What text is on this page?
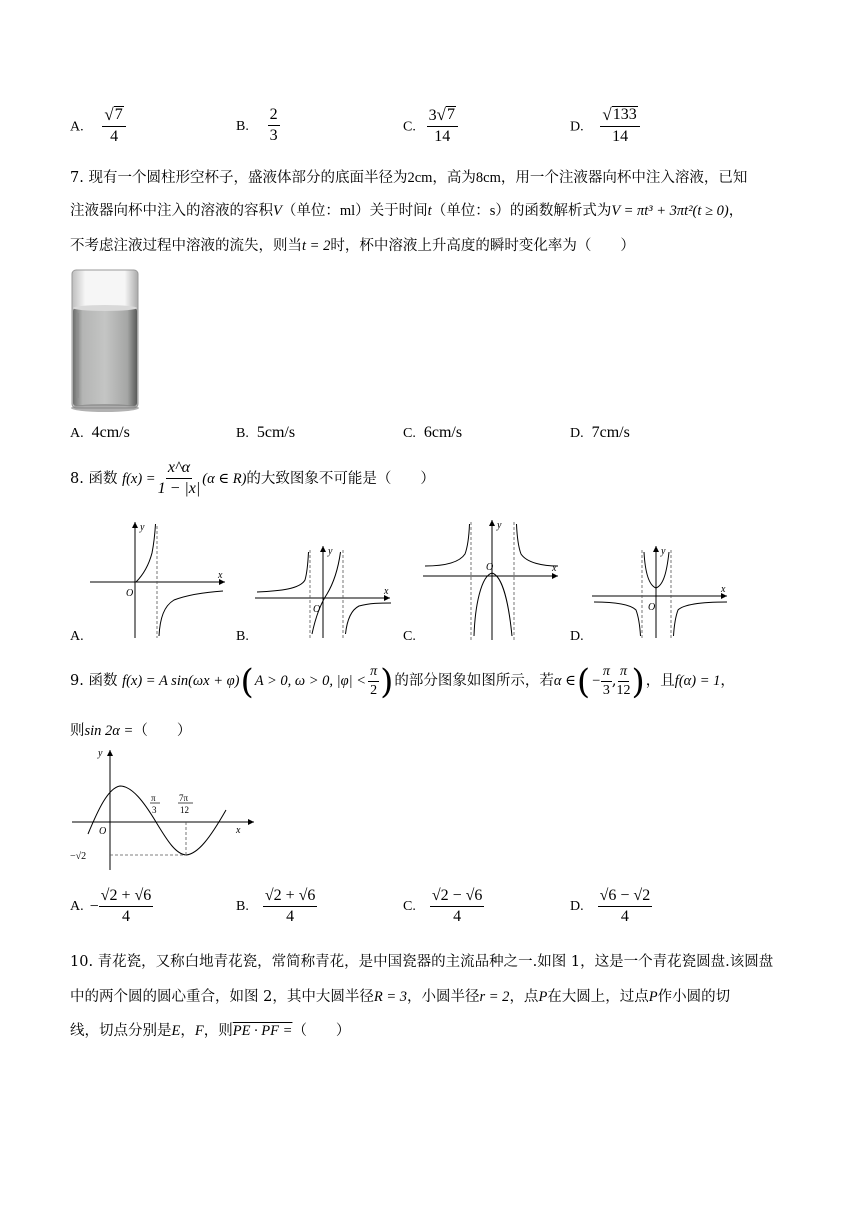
A. $\frac{√ 7}{4}$	B. $\frac{2}{3}$	C. $\frac{3 √ 7}{14}$	D. $\frac{√ 133}{14}$
7. 现有一个圆柱形空杯子，盛液体部分的底面半径为2cm，高为8cm，用一个注液器向杯中注入溶液，已知
注液器向杯中注入的溶液的容积V（单位：ml）关于时间t（单位：s）的函数解析式为V = πt³ + 3πt²(t ≥ 0)，
不考虑注液过程中溶液的流失，则当t = 2时，杯中溶液上升高度的瞬时变化率为（　　）
A. 4cm/s	B. 5cm/s	C. 6cm/s	D. 7cm/s
8.
函数
$f(x) = \frac{x\^{}\alpha}{1 - |x|} (\alpha$ ∈ R) 的大致图象不可能是（　　）
x
y
O
A.
x
y
O
B.
x
y
O
C.
x
y
O
D.
9.
函数
f(x) = A sin(ωx + φ) ( A > 0, ω > 0, $|\varphi| < \frac{\pi}{2}$ ) 的部分图象如图所示，若 α ∈ ( − $\frac{\pi}{3}$ , $\frac{\pi}{12}$ ) ，且 f(α) = 1 ，
则sin 2α =（　　）
y
x
O
π
3
7π
12
−√2
A. − $\frac{√2 + √6}{4}$	B. $\frac{√2 + √6}{4}$	C. $\frac{√2 - √6}{4}$	D. $\frac{√6 - √2}{4}$
10. 青花瓷，又称白地青花瓷，常简称青花，是中国瓷器的主流品种之一.如图 1，这是一个青花瓷圆盘.该圆盘
中的两个圆的圆心重合，如图 2，其中大圆半径R = 3，小圆半径r = 2，点P在大圆上，过点P作小圆的切
线，切点分别是E，F，则PE · PF =（　　）
